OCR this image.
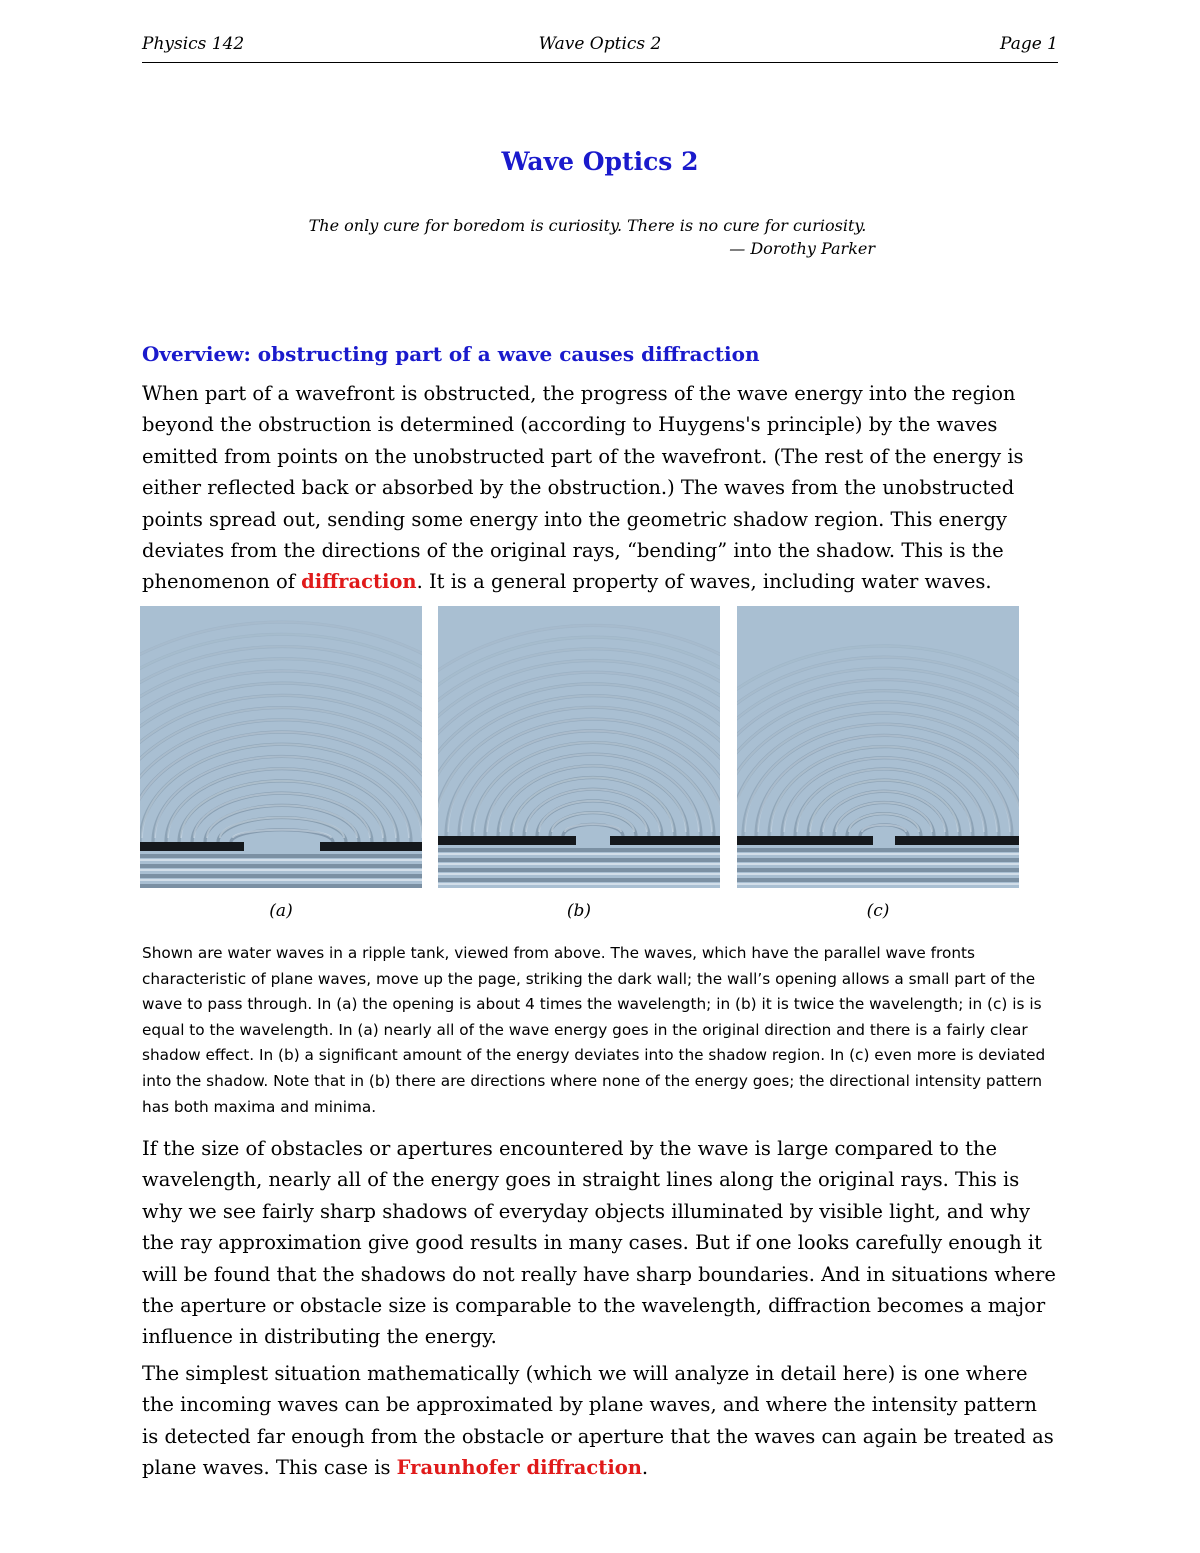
Physics 142	Wave Optics 2	Page 1
Wave Optics 2
The only cure for boredom is curiosity. There is no cure for curiosity.
— Dorothy Parker
Overview: obstructing part of a wave causes diffraction

When part of a wavefront is obstructed, the progress of the wave energy into the region beyond the obstruction is determined (according to Huygens's principle) by the waves emitted from points on the unobstructed part of the wavefront. (The rest of the energy is either reflected back or absorbed by the obstruction.) The waves from the unobstructed points spread out, sending some energy into the geometric shadow region. This energy deviates from the directions of the original rays, “bending” into the shadow. This is the phenomenon of diffraction. It is a general property of waves, including water waves.

(a)	(b)	(c)

Shown are water waves in a ripple tank, viewed from above. The waves, which have the parallel wave fronts characteristic of plane waves, move up the page, striking the dark wall; the wall’s opening allows a small part of the wave to pass through. In (a) the opening is about 4 times the wavelength; in (b) it is twice the wavelength; in (c) is is equal to the wavelength. In (a) nearly all of the wave energy goes in the original direction and there is a fairly clear shadow effect. In (b) a significant amount of the energy deviates into the shadow region. In (c) even more is deviated into the shadow. Note that in (b) there are directions where none of the energy goes; the directional intensity pattern has both maxima and minima.

If the size of obstacles or apertures encountered by the wave is large compared to the wavelength, nearly all of the energy goes in straight lines along the original rays. This is why we see fairly sharp shadows of everyday objects illuminated by visible light, and why the ray approximation give good results in many cases. But if one looks carefully enough it will be found that the shadows do not really have sharp boundaries. And in situations where the aperture or obstacle size is comparable to the wavelength, diffraction becomes a major influence in distributing the energy.

The simplest situation mathematically (which we will analyze in detail here) is one where the incoming waves can be approximated by plane waves, and where the intensity pattern is detected far enough from the obstacle or aperture that the waves can again be treated as plane waves. This case is Fraunhofer diffraction.
